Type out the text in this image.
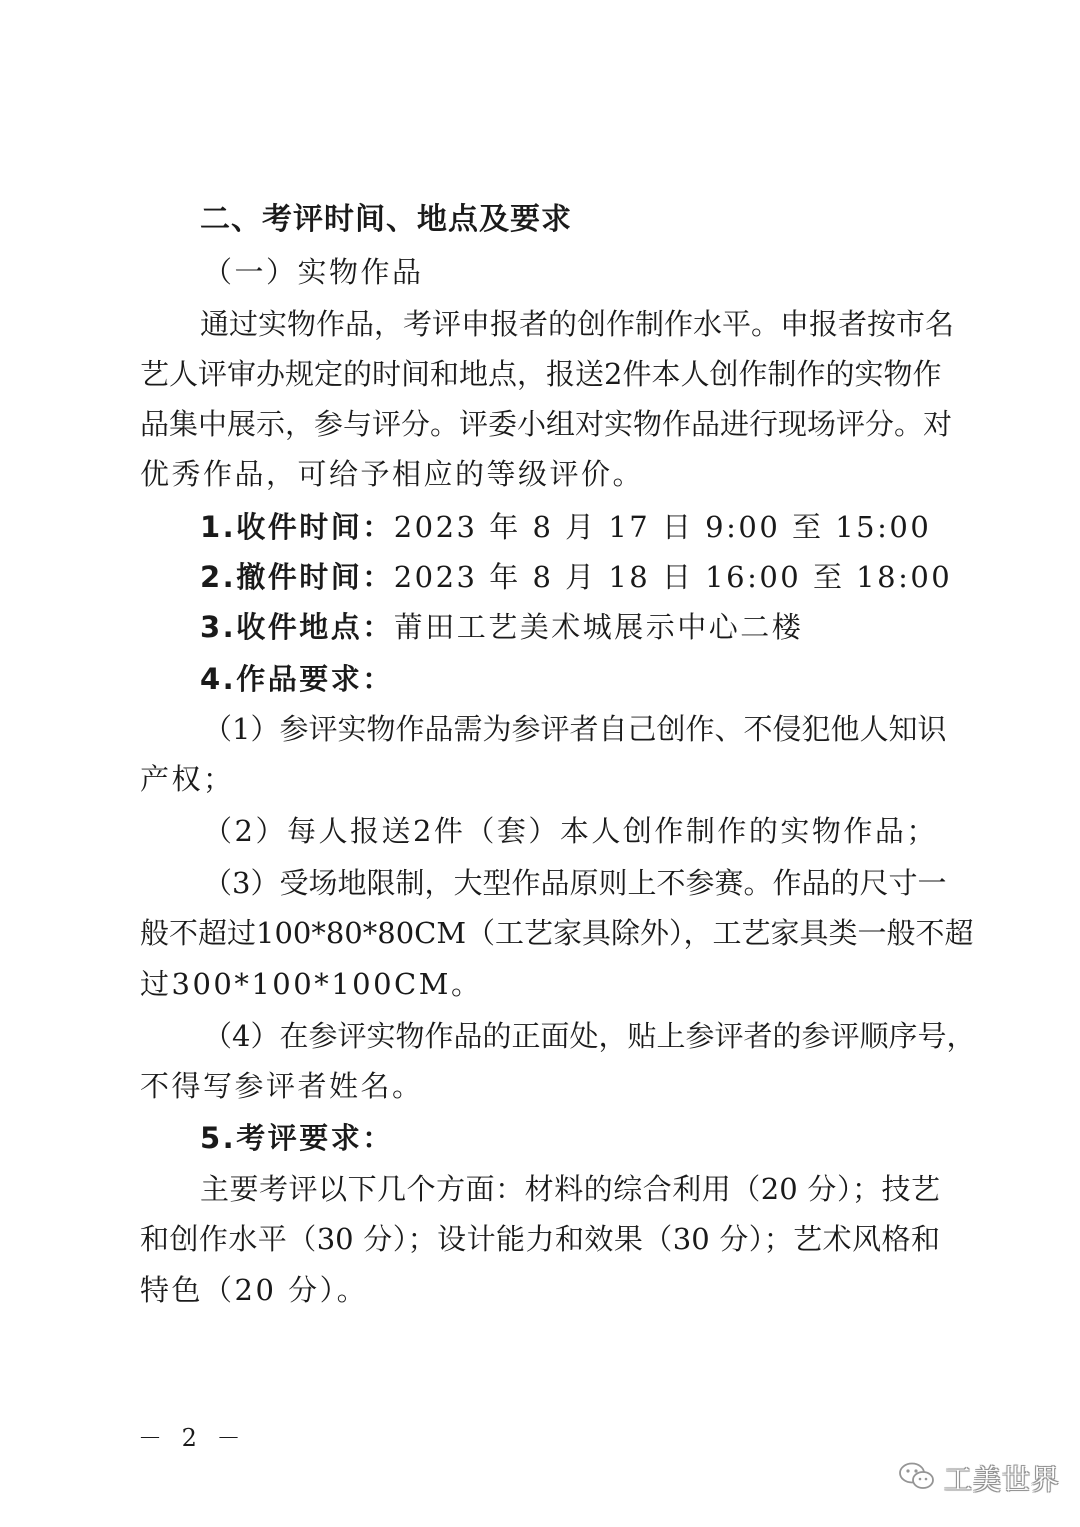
二、考评时间、地点及要求
（一）实物作品
通过实物作品，考评申报者的创作制作水平。申报者按市名
艺人评审办规定的时间和地点，报送2件本人创作制作的实物作
品集中展示，参与评分。评委小组对实物作品进行现场评分。对
优秀作品，可给予相应的等级评价。
1.收件时间：2023 年 8 月 17 日 9:00 至 15:00
2.撤件时间：2023 年 8 月 18 日 16:00 至 18:00
3.收件地点：莆田工艺美术城展示中心二楼
4.作品要求：
（1）参评实物作品需为参评者自己创作、不侵犯他人知识
产权；
（2）每人报送2件（套）本人创作制作的实物作品；
（3）受场地限制，大型作品原则上不参赛。作品的尺寸一
般不超过100*80*80CM（工艺家具除外），工艺家具类一般不超
过300*100*100CM。
（4）在参评实物作品的正面处，贴上参评者的参评顺序号，
不得写参评者姓名。
5.考评要求：
主要考评以下几个方面：材料的综合利用（20 分）；技艺
和创作水平（30 分）；设计能力和效果（30 分）；艺术风格和
特色（20 分）。
－ 2 －
工美世界
